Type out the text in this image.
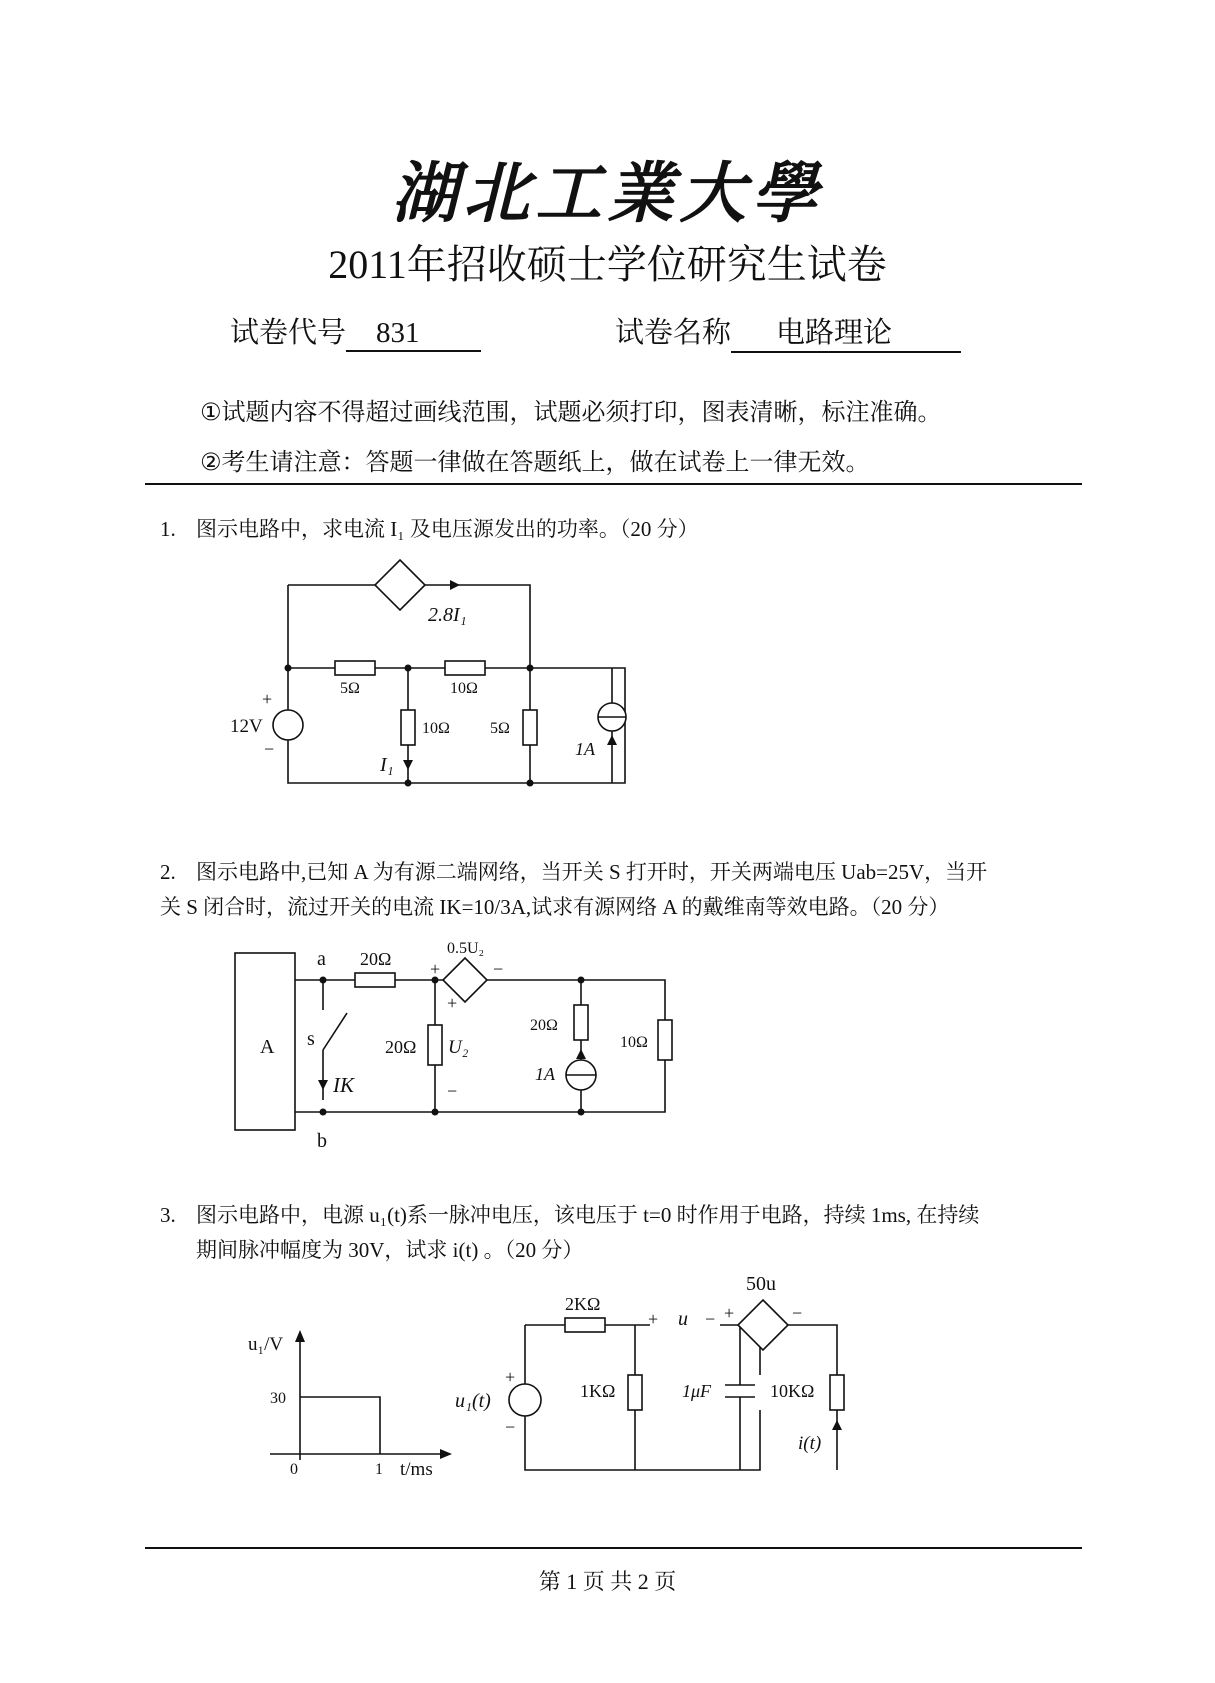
湖北工業大學
2011年招收硕士学位研究生试卷
试卷代号 831	试卷名称 电路理论
①试题内容不得超过画线范围，试题必须打印，图表清晰，标注准确。
②考生请注意：答题一律做在答题纸上，做在试卷上一律无效。
1. 图示电路中，求电流 I₁ 及电压源发出的功率。（20 分）
2.8I₁
5Ω	10Ω
10Ω	5Ω
+
12V
−
I₁
1A
2. 图示电路中,已知 A 为有源二端网络，当开关 S 打开时，开关两端电压 Uab=25V，当开
关 S 闭合时，流过开关的电流 IK=10/3A,试求有源网络 A 的戴维南等效电路。（20 分）
A
a
b
s
IK
20Ω
20Ω U₂
+
−
0.5U₂
+	−
20Ω
1A
10Ω
3. 图示电路中，电源 u₁(t)系一脉冲电压，该电压于 t=0 时作用于电路，持续 1ms, 在持续
期间脉冲幅度为 30V，试求 i(t) 。（20 分）
u₁/V
30
0	1 t/ms
+
−
u₁(t)
2KΩ
1KΩ
+ u −
1μF
50u
+	−
10KΩ
i(t)
第 1 页 共 2 页
